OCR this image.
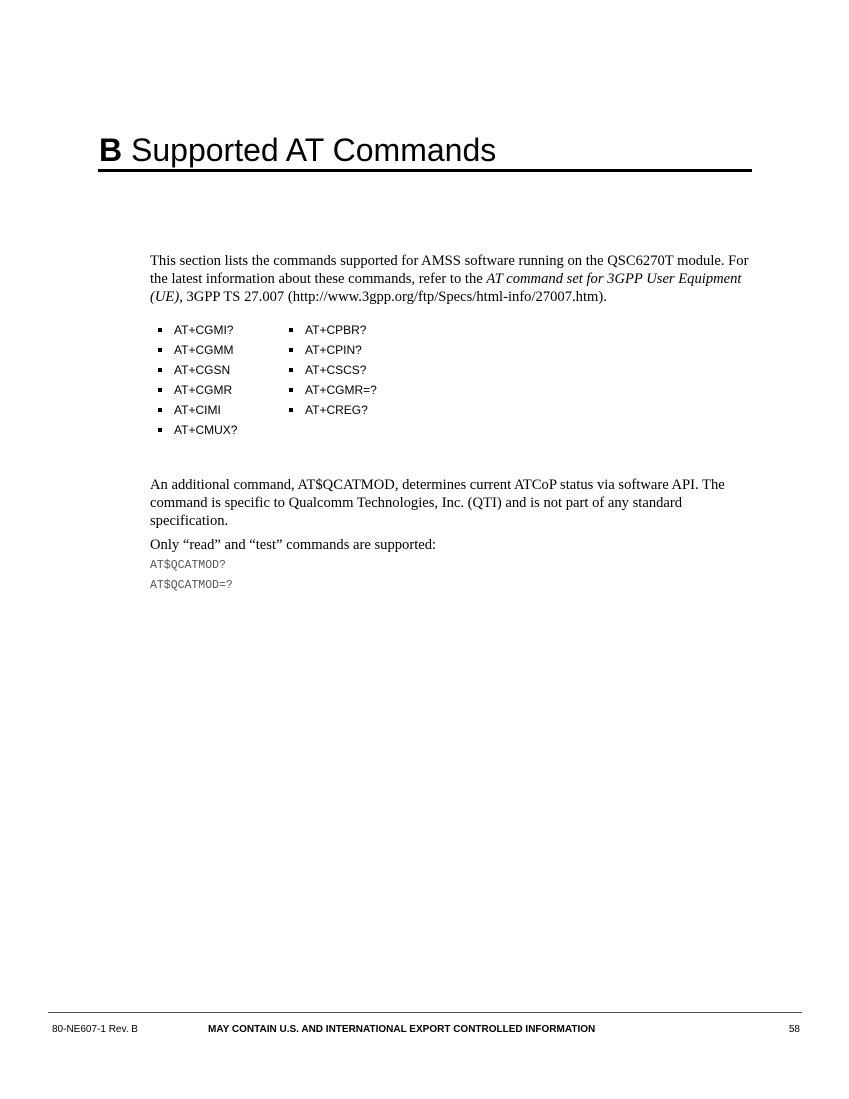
B Supported AT Commands

This section lists the commands supported for AMSS software running on the QSC6270T module. For the latest information about these commands, refer to the AT command set for 3GPP User Equipment (UE), 3GPP TS 27.007 (http://www.3gpp.org/ftp/Specs/html-info/27007.htm).

AT+CGMI?
AT+CGMM
AT+CGSN
AT+CGMR
AT+CIMI
AT+CMUX?
AT+CPBR?
AT+CPIN?
AT+CSCS?
AT+CGMR=?
AT+CREG?

An additional command, AT$QCATMOD, determines current ATCoP status via software API. The command is specific to Qualcomm Technologies, Inc. (QTI) and is not part of any standard specification.

Only “read” and “test” commands are supported:

AT$QCATMOD?

AT$QCATMOD=?

80-NE607-1 Rev. B	MAY CONTAIN U.S. AND INTERNATIONAL EXPORT CONTROLLED INFORMATION	58
